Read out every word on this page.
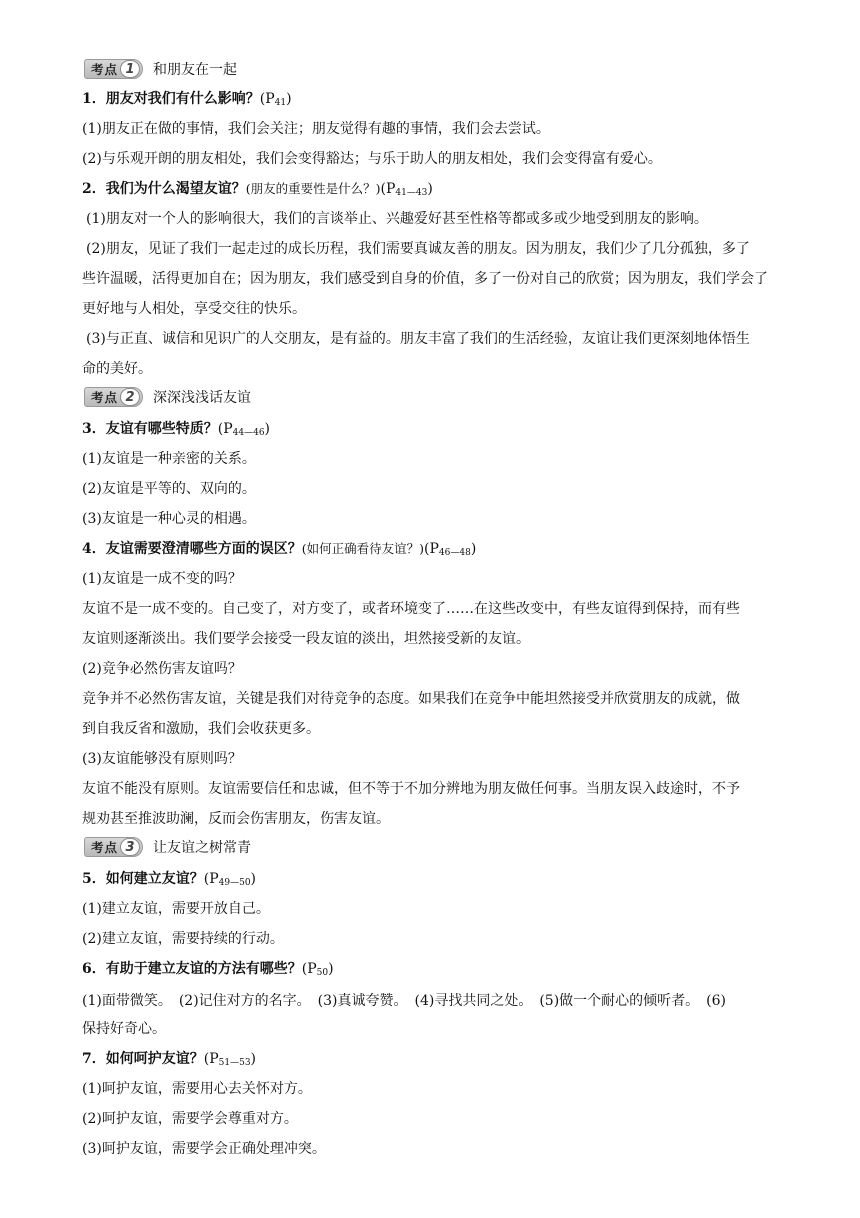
考点 1	和朋友在一起
1．朋友对我们有什么影响？$(P_{41})$
(1)朋友正在做的事情，我们会关注；朋友觉得有趣的事情，我们会去尝试。
(2)与乐观开朗的朋友相处，我们会变得豁达；与乐于助人的朋友相处，我们会变得富有爱心。
2．我们为什么渴望友谊？(朋友的重要性是什么？)$(P_{41—43})$
(1)朋友对一个人的影响很大，我们的言谈举止、兴趣爱好甚至性格等都或多或少地受到朋友的影响。
(2)朋友，见证了我们一起走过的成长历程，我们需要真诚友善的朋友。因为朋友，我们少了几分孤独，多了
些许温暖，活得更加自在；因为朋友，我们感受到自身的价值，多了一份对自己的欣赏；因为朋友，我们学会了
更好地与人相处，享受交往的快乐。
(3)与正直、诚信和见识广的人交朋友，是有益的。朋友丰富了我们的生活经验，友谊让我们更深刻地体悟生
命的美好。
考点 2	深深浅浅话友谊
3．友谊有哪些特质？$(P_{44—46})$
(1)友谊是一种亲密的关系。
(2)友谊是平等的、双向的。
(3)友谊是一种心灵的相遇。
4．友谊需要澄清哪些方面的误区？(如何正确看待友谊？)$(P_{46—48})$
(1)友谊是一成不变的吗？
友谊不是一成不变的。自己变了，对方变了，或者环境变了……在这些改变中，有些友谊得到保持，而有些
友谊则逐渐淡出。我们要学会接受一段友谊的淡出，坦然接受新的友谊。
(2)竞争必然伤害友谊吗？
竞争并不必然伤害友谊，关键是我们对待竞争的态度。如果我们在竞争中能坦然接受并欣赏朋友的成就，做
到自我反省和激励，我们会收获更多。
(3)友谊能够没有原则吗？
友谊不能没有原则。友谊需要信任和忠诚，但不等于不加分辨地为朋友做任何事。当朋友误入歧途时，不予
规劝甚至推波助澜，反而会伤害朋友，伤害友谊。
考点 3	让友谊之树常青
5．如何建立友谊？$(P_{49—50})$
(1)建立友谊，需要开放自己。
(2)建立友谊，需要持续的行动。
6．有助于建立友谊的方法有哪些？$(P_{50})$
(1)面带微笑。　(2)记住对方的名字。　(3)真诚夸赞。　(4)寻找共同之处。　(5)做一个耐心的倾听者。　(6)
保持好奇心。
7．如何呵护友谊？$(P_{51—53})$
(1)呵护友谊，需要用心去关怀对方。
(2)呵护友谊，需要学会尊重对方。
(3)呵护友谊，需要学会正确处理冲突。
